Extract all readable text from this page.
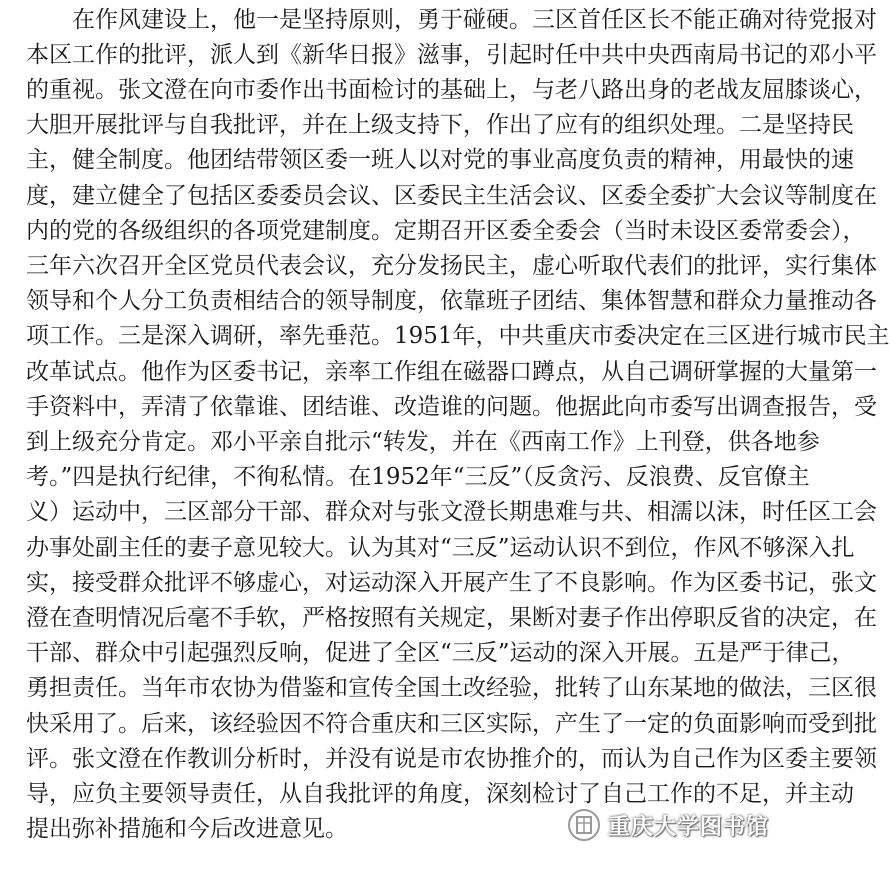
在作风建设上，他一是坚持原则，勇于碰硬。三区首任区长不能正确对待党报对
本区工作的批评，派人到《新华日报》滋事，引起时任中共中央西南局书记的邓小平
的重视。张文澄在向市委作出书面检讨的基础上，与老八路出身的老战友屈膝谈心，
大胆开展批评与自我批评，并在上级支持下，作出了应有的组织处理。二是坚持民
主，健全制度。他团结带领区委一班人以对党的事业高度负责的精神，用最快的速
度，建立健全了包括区委委员会议、区委民主生活会议、区委全委扩大会议等制度在
内的党的各级组织的各项党建制度。定期召开区委全委会（当时未设区委常委会），
三年六次召开全区党员代表会议，充分发扬民主，虚心听取代表们的批评，实行集体
领导和个人分工负责相结合的领导制度，依靠班子团结、集体智慧和群众力量推动各
项工作。三是深入调研，率先垂范。1951年，中共重庆市委决定在三区进行城市民主
改革试点。他作为区委书记，亲率工作组在磁器口蹲点，从自己调研掌握的大量第一
手资料中，弄清了依靠谁、团结谁、改造谁的问题。他据此向市委写出调查报告，受
到上级充分肯定。邓小平亲自批示“转发，并在《西南工作》上刊登，供各地参
考。”四是执行纪律，不徇私情。在1952年“三反”（反贪污、反浪费、反官僚主
义）运动中，三区部分干部、群众对与张文澄长期患难与共、相濡以沫，时任区工会
办事处副主任的妻子意见较大。认为其对“三反”运动认识不到位，作风不够深入扎
实，接受群众批评不够虚心，对运动深入开展产生了不良影响。作为区委书记，张文
澄在查明情况后毫不手软，严格按照有关规定，果断对妻子作出停职反省的决定，在
干部、群众中引起强烈反响，促进了全区“三反”运动的深入开展。五是严于律己，
勇担责任。当年市农协为借鉴和宣传全国土改经验，批转了山东某地的做法，三区很
快采用了。后来，该经验因不符合重庆和三区实际，产生了一定的负面影响而受到批
评。张文澄在作教训分析时，并没有说是市农协推介的，而认为自己作为区委主要领
导，应负主要领导责任，从自我批评的角度，深刻检讨了自己工作的不足，并主动
提出弥补措施和今后改进意见。	重庆大学图书馆
